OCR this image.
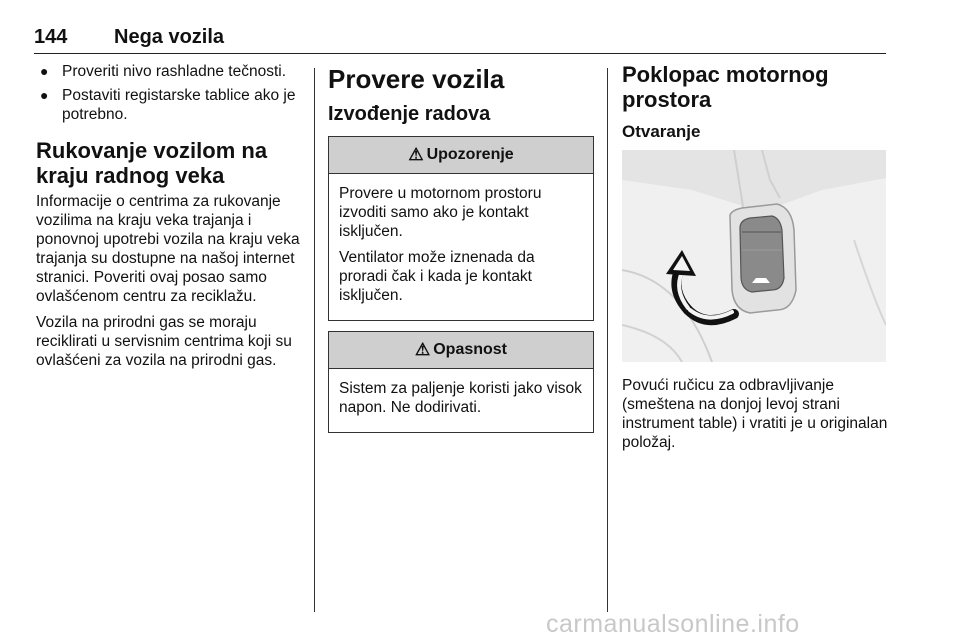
144 Nega vozila
● Proveriti nivo rashladne tečnosti.
● Postaviti registarske tablice ako je potrebno.
Rukovanje vozilom na kraju radnog veka

Informacije o centrima za rukovanje vozilima na kraju veka trajanja i ponovnoj upotrebi vozila na kraju veka trajanja su dostupne na našoj internet stranici. Poveriti ovaj posao samo ovlašćenom centru za reciklažu.

Vozila na prirodni gas se moraju reciklirati u servisnim centrima koji su ovlašćeni za vozila na prirodni gas.

Provere vozila
Izvođenje radova
⚠ Upozorenje

Provere u motornom prostoru izvoditi samo ako je kontakt isključen.

Ventilator može iznenada da proradi čak i kada je kontakt isključen.

⚠ Opasnost

Sistem za paljenje koristi jako visok napon. Ne dodirivati.

Poklopac motornog prostora
Otvaranje

Povući ručicu za odbravljivanje (smeštena na donjoj levoj strani instrument table) i vratiti je u originalan položaj.

carmanualsonline.info
